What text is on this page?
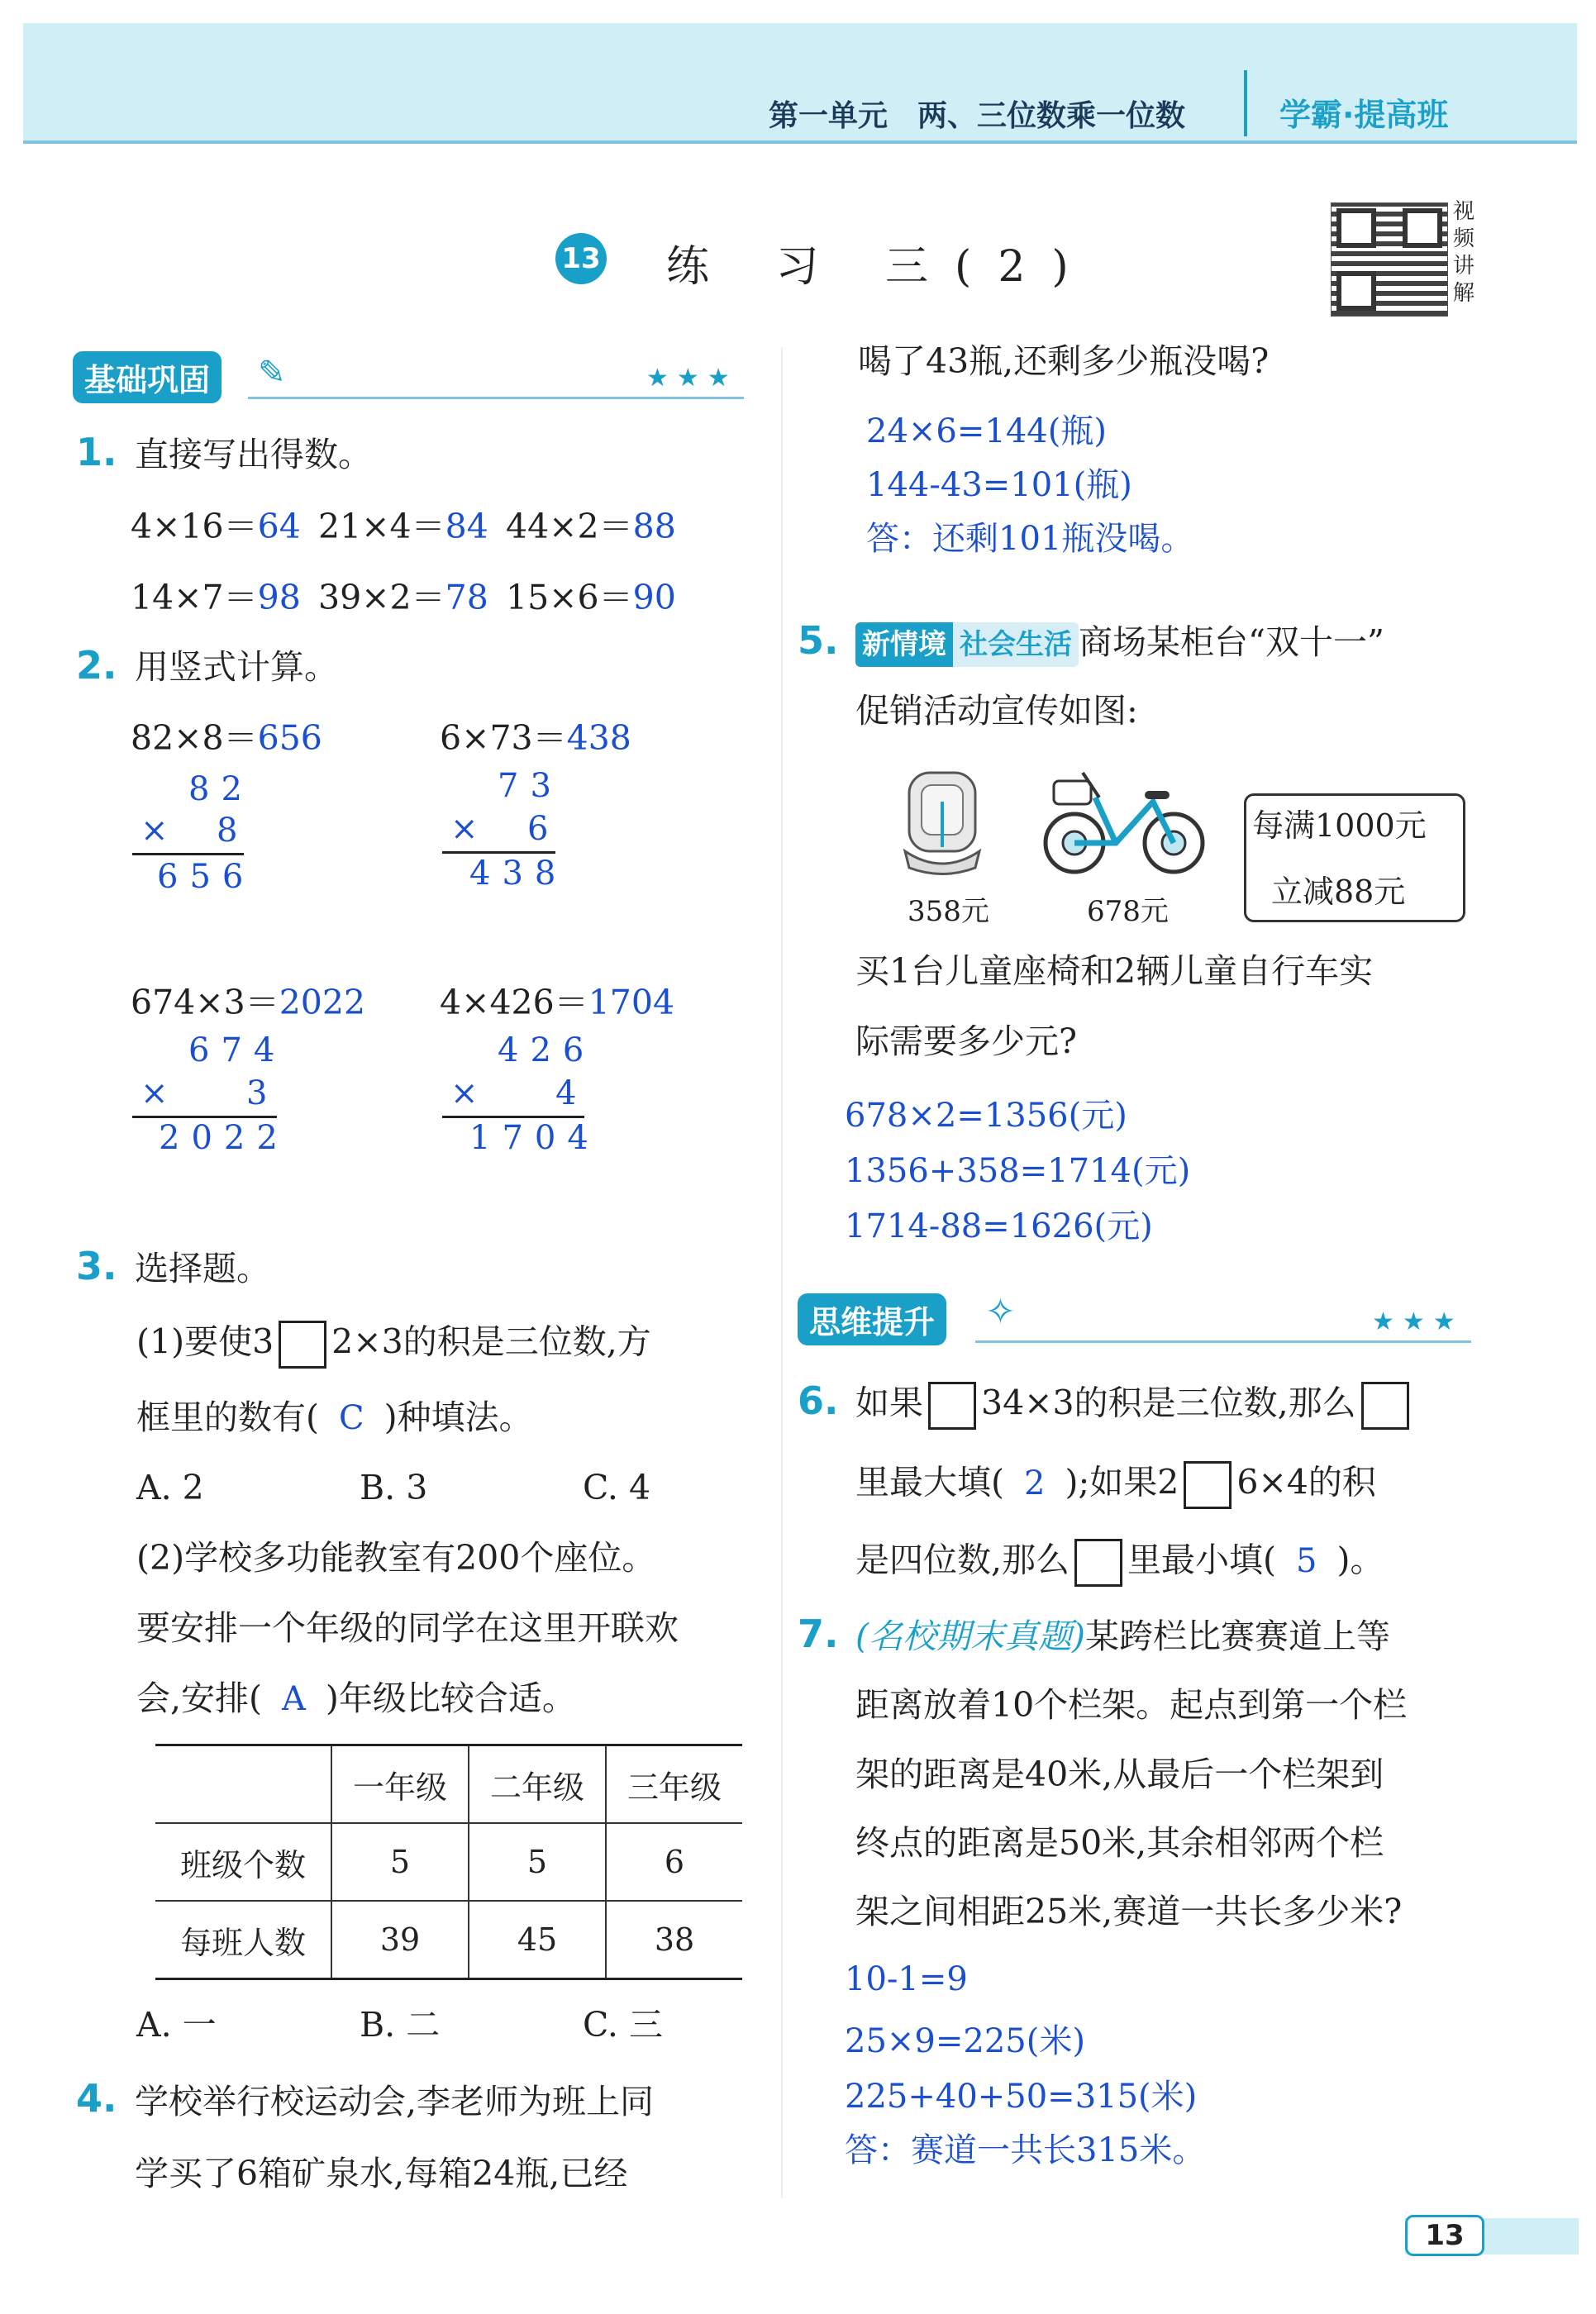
第一单元　两、三位数乘一位数	学霸·提高班
13 练 习 三(2)
视
频
讲
解
基础巩固	✎	★★★
1. 直接写出得数。
4×16＝64 21×4＝84 44×2＝88
14×7＝98 39×2＝78 15×6＝90
2. 用竖式计算。
82×8＝656
82
× 8
656
6×73＝438
73
× 6
438
674×3＝2022
674
× 3
2022
4×426＝1704
426
× 4
1704
3. 选择题。
(1)要使3 2×3的积是三位数,方
框里的数有( C )种填法。
A. 2	B. 3	C. 4
(2)学校多功能教室有200个座位。
要安排一个年级的同学在这里开联欢
会,安排( A )年级比较合适。
	一年级	二年级	三年级
班级个数	5	5	6
每班人数	39	45	38
A. 一	B. 二	C. 三
4. 学校举行校运动会,李老师为班上同
学买了6箱矿泉水,每箱24瓶,已经
喝了43瓶,还剩多少瓶没喝?
24×6=144(瓶)
144-43=101(瓶)
答：还剩101瓶没喝。
5. 新情境 社会生活 商场某柜台“双十一”
促销活动宣传如图:
358元	678元
每满1000元
立减88元
买1台儿童座椅和2辆儿童自行车实
际需要多少元?
678×2=1356(元)
1356+358=1714(元)
1714-88=1626(元)
思维提升	✧	★★★
6. 如果 34×3的积是三位数,那么
里最大填( 2 );如果2 6×4的积
是四位数,那么 里最小填( 5 )。
7. (名校期末真题)某跨栏比赛赛道上等
距离放着10个栏架。起点到第一个栏
架的距离是40米,从最后一个栏架到
终点的距离是50米,其余相邻两个栏
架之间相距25米,赛道一共长多少米?
10-1=9
25×9=225(米)
225+40+50=315(米)
答：赛道一共长315米。
13
